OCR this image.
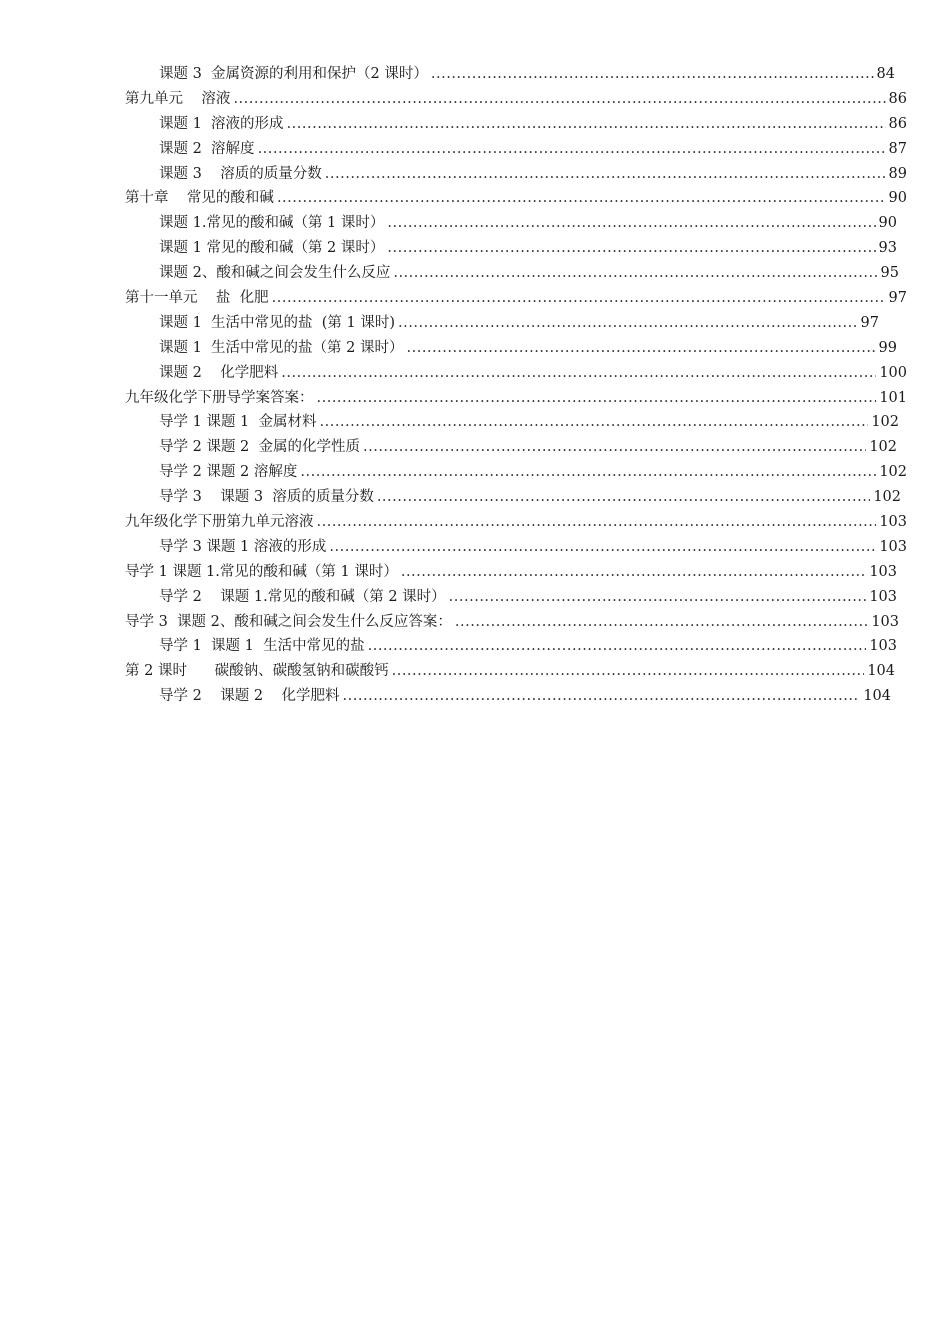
课题 3  金属资源的利用和保护（2 课时） .....	84
第九单元    溶液 .....	86
课题 1  溶液的形成 .....	86
课题 2  溶解度 .....	87
课题 3    溶质的质量分数 .....	89
第十章    常见的酸和碱 .....	90
课题 1.常见的酸和碱（第 1 课时） .....	90
课题 1 常见的酸和碱（第 2 课时） .....	93
课题 2、酸和碱之间会发生什么反应 .....	95
第十一单元    盐  化肥 .....	97
课题 1  生活中常见的盐  (第 1 课时) .....	97
课题 1  生活中常见的盐（第 2 课时） .....	99
课题 2    化学肥料 .....	100
九年级化学下册导学案答案： .....	101
导学 1 课题 1  金属材料 .....	102
导学 2 课题 2  金属的化学性质 .....	102
导学 2 课题 2 溶解度 .....	102
导学 3    课题 3  溶质的质量分数 .....	102
九年级化学下册第九单元溶液 .....	103
导学 3 课题 1 溶液的形成 .....	103
导学 1 课题 1.常见的酸和碱（第 1 课时） .....	103
导学 2    课题 1.常见的酸和碱（第 2 课时） .....	103
导学 3  课题 2、酸和碱之间会发生什么反应答案： .....	103
导学 1  课题 1  生活中常见的盐 .....	103
第 2 课时      碳酸钠、碳酸氢钠和碳酸钙 .....	104
导学 2    课题 2    化学肥料 .....	104
